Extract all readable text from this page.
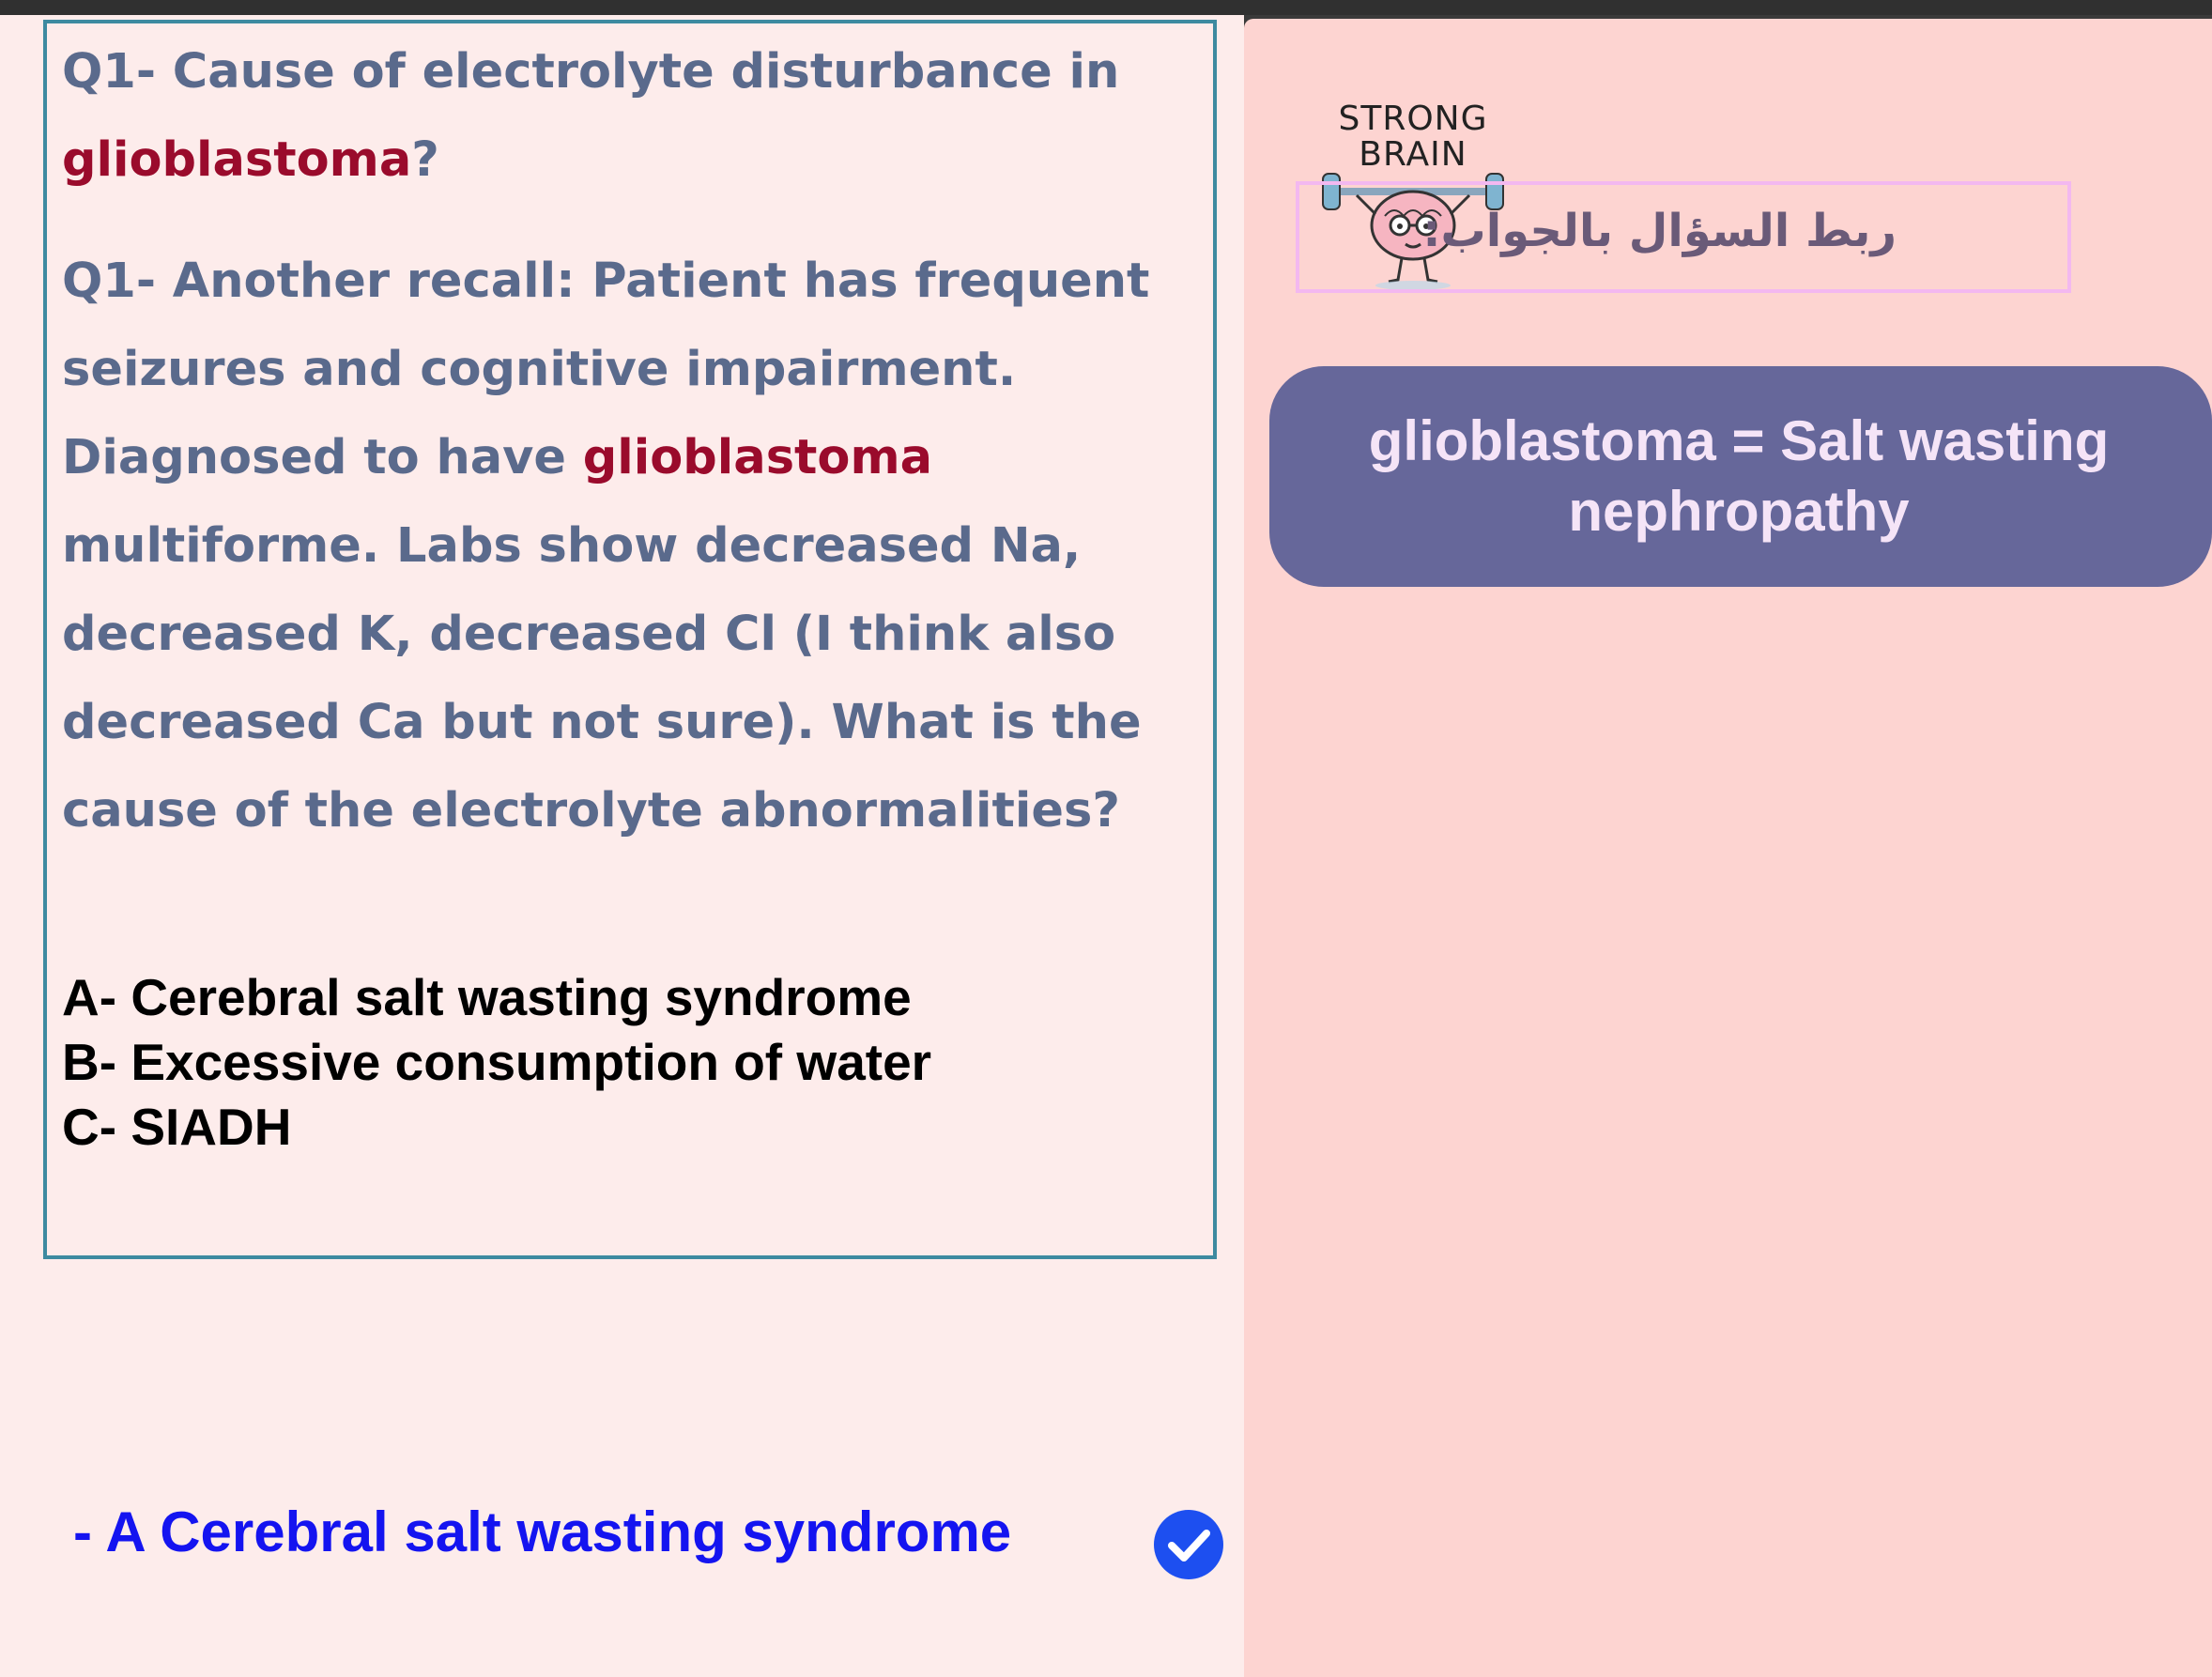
Q1- Cause of electrolyte disturbance in glioblastoma?

Q1- Another recall: Patient has frequent seizures and cognitive impairment. Diagnosed to have glioblastoma multiforme. Labs show decreased Na, decreased K, decreased Cl (I think also decreased Ca but not sure). What is the cause of the electrolyte abnormalities?

A- Cerebral salt wasting syndrome
B- Excessive consumption of water
C- SIADH
- A Cerebral salt wasting syndrome
STRONG BRAIN
ربط السؤال بالجواب:
glioblastoma = Salt wasting nephropathy
